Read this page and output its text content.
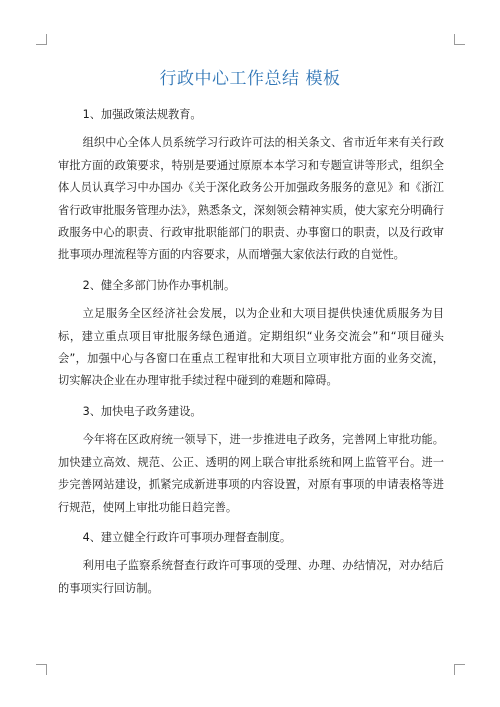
行政中心工作总结 模板

1、加强政策法规教育。

组织中心全体人员系统学习行政许可法的相关条文、省市近年来有关行政审批方面的政策要求，特别是要通过原原本本学习和专题宣讲等形式，组织全体人员认真学习中办国办《关于深化政务公开加强政务服务的意见》和《浙江省行政审批服务管理办法》，熟悉条文，深刻领会精神实质，使大家充分明确行政服务中心的职责、行政审批职能部门的职责、办事窗口的职责，以及行政审批事项办理流程等方面的内容要求，从而增强大家依法行政的自觉性。

2、健全多部门协作办事机制。

立足服务全区经济社会发展，以为企业和大项目提供快速优质服务为目标，建立重点项目审批服务绿色通道。定期组织“业务交流会”和“项目碰头会”，加强中心与各窗口在重点工程审批和大项目立项审批方面的业务交流，切实解决企业在办理审批手续过程中碰到的难题和障碍。

3、加快电子政务建设。

今年将在区政府统一领导下，进一步推进电子政务，完善网上审批功能。加快建立高效、规范、公正、透明的网上联合审批系统和网上监管平台。进一步完善网站建设，抓紧完成新进事项的内容设置，对原有事项的申请表格等进行规范，使网上审批功能日趋完善。

4、建立健全行政许可事项办理督查制度。

利用电子监察系统督查行政许可事项的受理、办理、办结情况，对办结后的事项实行回访制。
